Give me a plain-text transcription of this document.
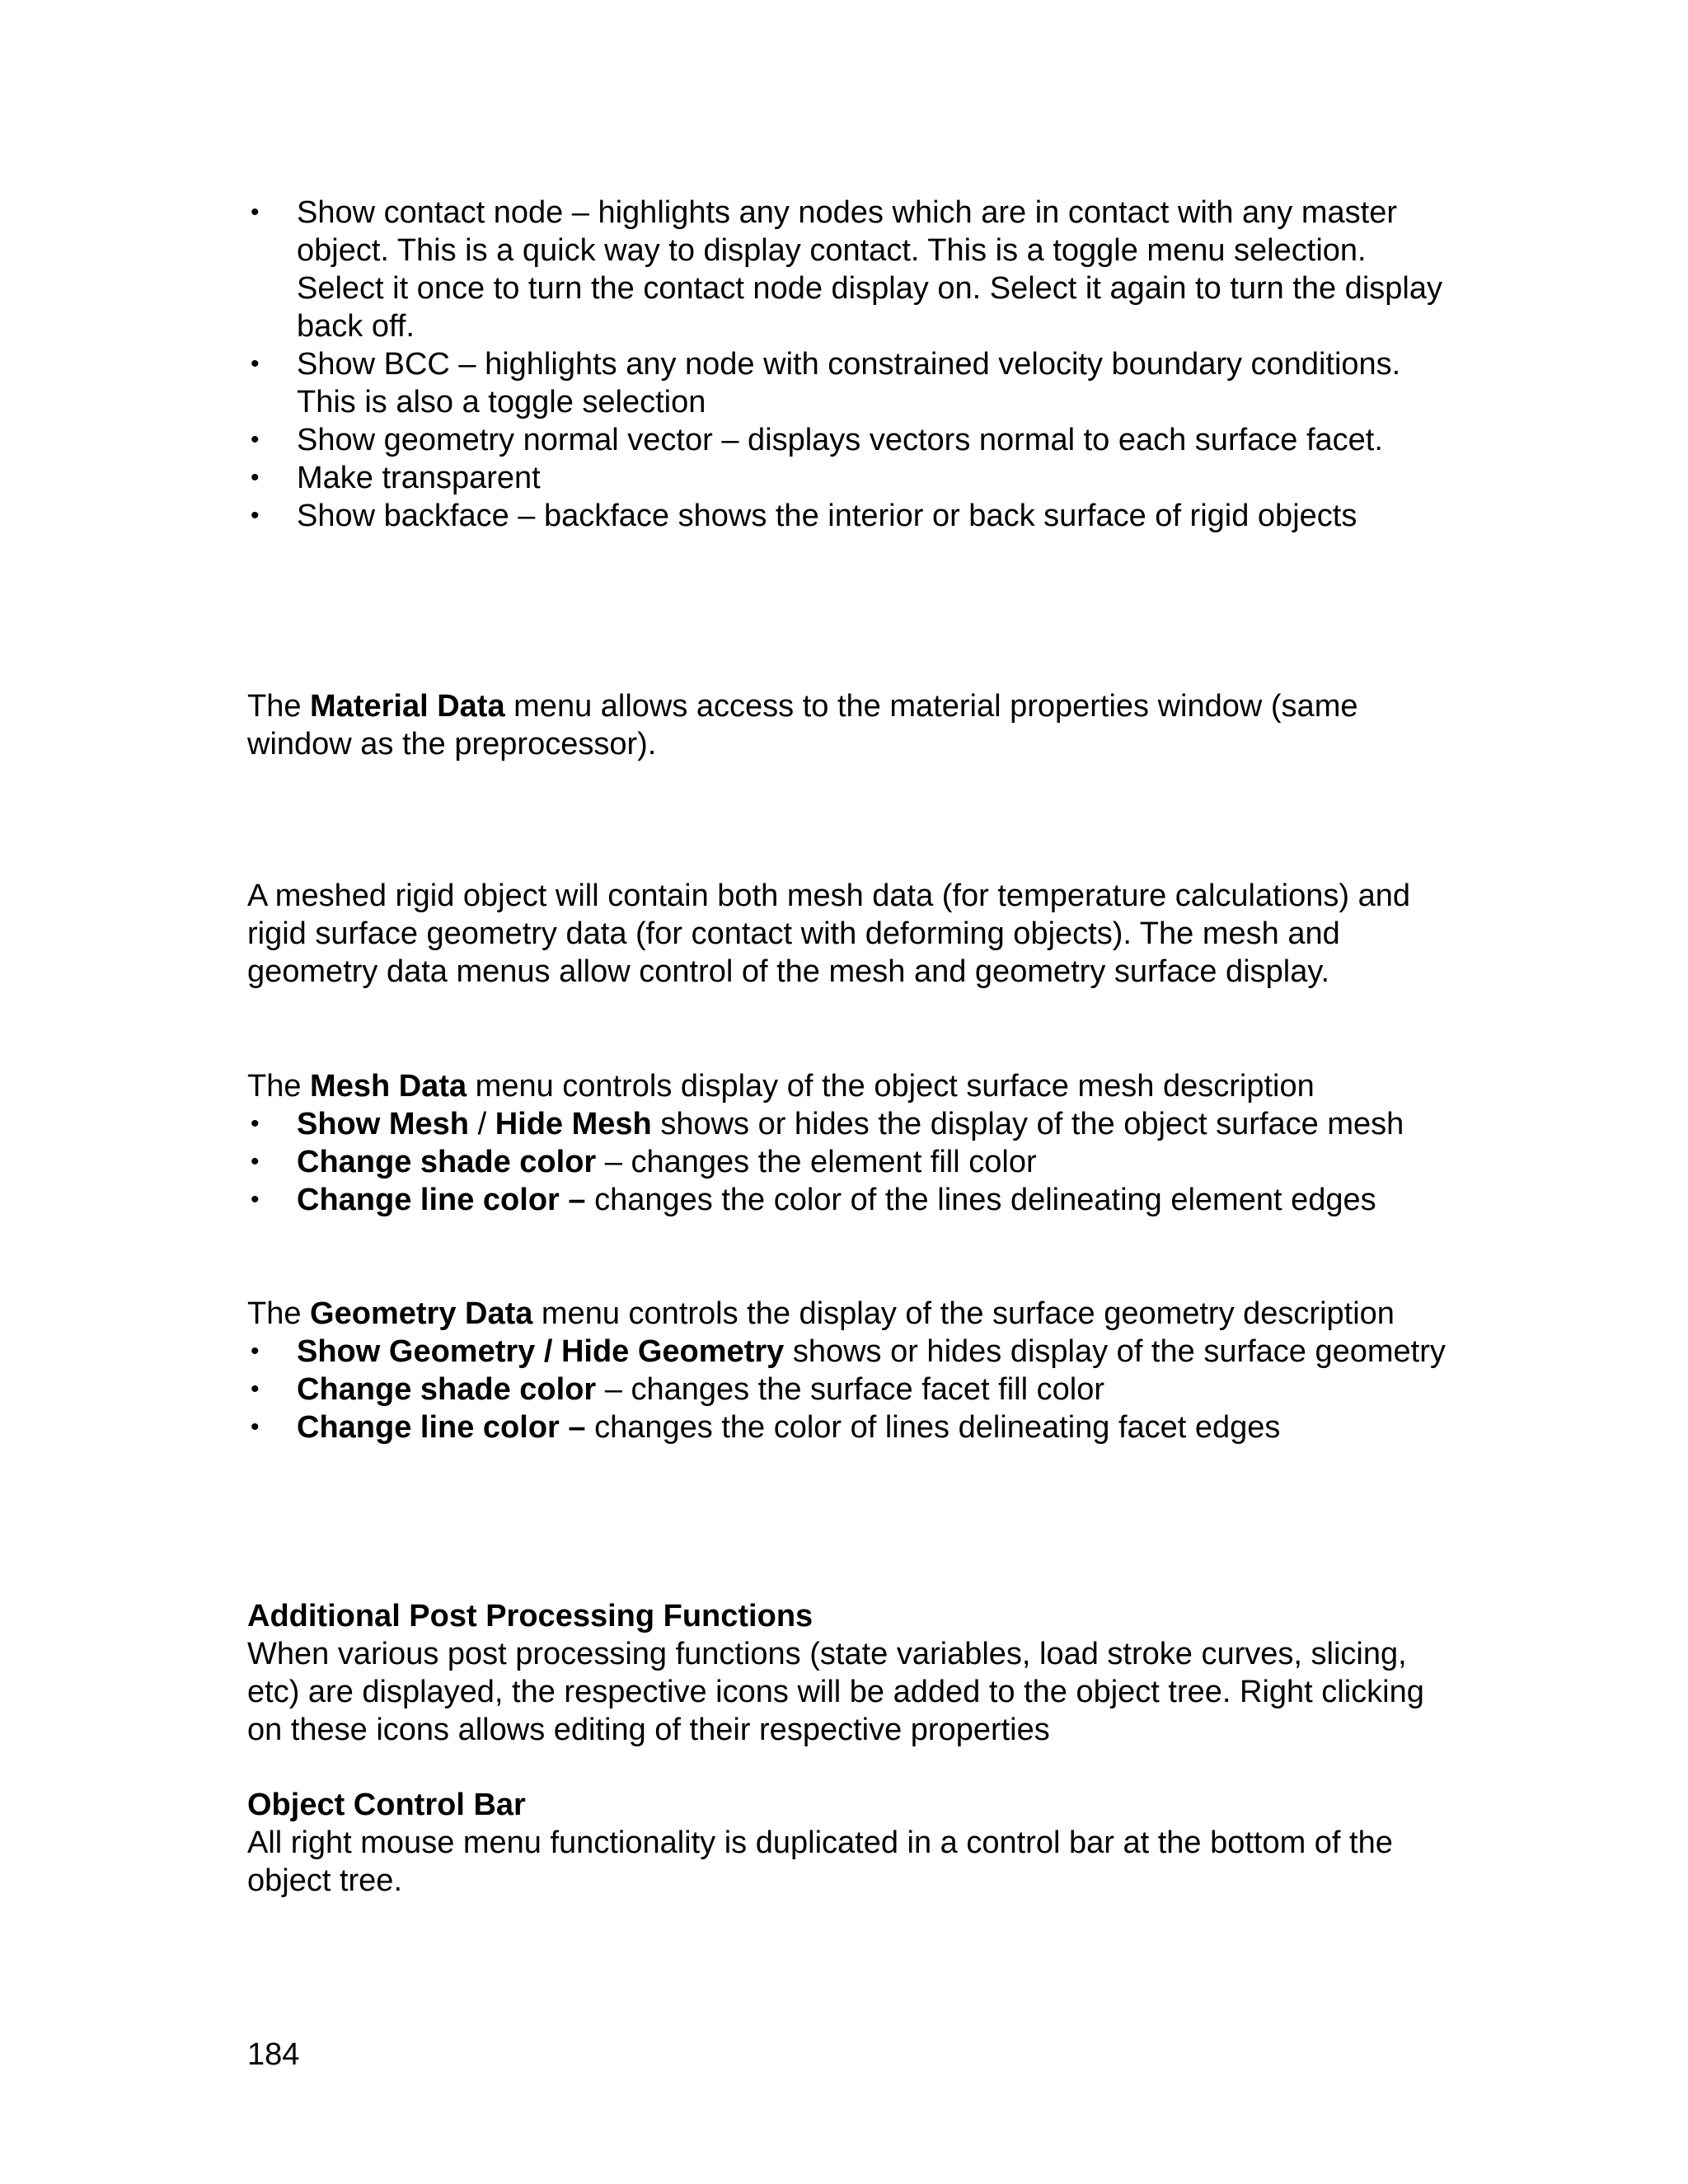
• Show contact node – highlights any nodes which are in contact with any master object. This is a quick way to display contact. This is a toggle menu selection. Select it once to turn the contact node display on. Select it again to turn the display back off.
• Show BCC – highlights any node with constrained velocity boundary conditions. This is also a toggle selection
• Show geometry normal vector – displays vectors normal to each surface facet.
• Make transparent
• Show backface – backface shows the interior or back surface of rigid objects

The Material Data menu allows access to the material properties window (same window as the preprocessor).

A meshed rigid object will contain both mesh data (for temperature calculations) and rigid surface geometry data (for contact with deforming objects). The mesh and geometry data menus allow control of the mesh and geometry surface display.

The Mesh Data menu controls display of the object surface mesh description

• Show Mesh / Hide Mesh shows or hides the display of the object surface mesh
• Change shade color – changes the element fill color
• Change line color – changes the color of the lines delineating element edges

The Geometry Data menu controls the display of the surface geometry description

• Show Geometry / Hide Geometry shows or hides display of the surface geometry
• Change shade color – changes the surface facet fill color
• Change line color – changes the color of lines delineating facet edges

Additional Post Processing Functions

When various post processing functions (state variables, load stroke curves, slicing, etc) are displayed, the respective icons will be added to the object tree. Right clicking on these icons allows editing of their respective properties

Object Control Bar

All right mouse menu functionality is duplicated in a control bar at the bottom of the object tree.

184
